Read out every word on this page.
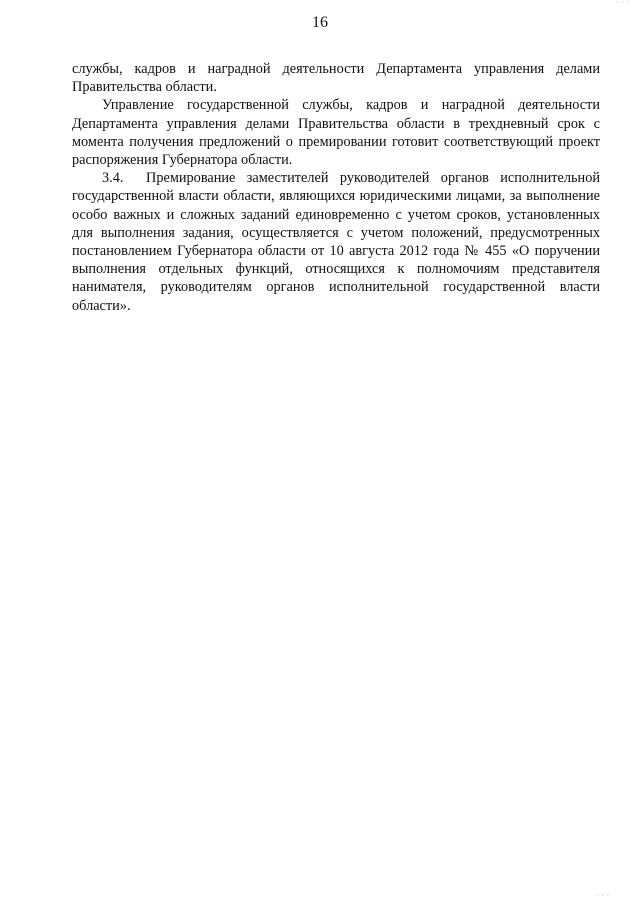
· · ·
16

службы, кадров и наградной деятельности Департамента управления делами Правительства области.

Управление государственной службы, кадров и наградной деятельности Департамента управления делами Правительства области в трехдневный срок с момента получения предложений о премировании готовит соответствующий проект распоряжения Губернатора области.

3.4. Премирование заместителей руководителей органов исполнительной государственной власти области, являющихся юридическими лицами, за выполнение особо важных и сложных заданий единовременно с учетом сроков, установленных для выполнения задания, осуществляется с учетом положений, предусмотренных постановлением Губернатора области от 10 августа 2012 года № 455 «О поручении выполнения отдельных функций, относящихся к полномочиям представителя нанимателя, руководителям органов исполнительной государственной власти области».

· · ·
